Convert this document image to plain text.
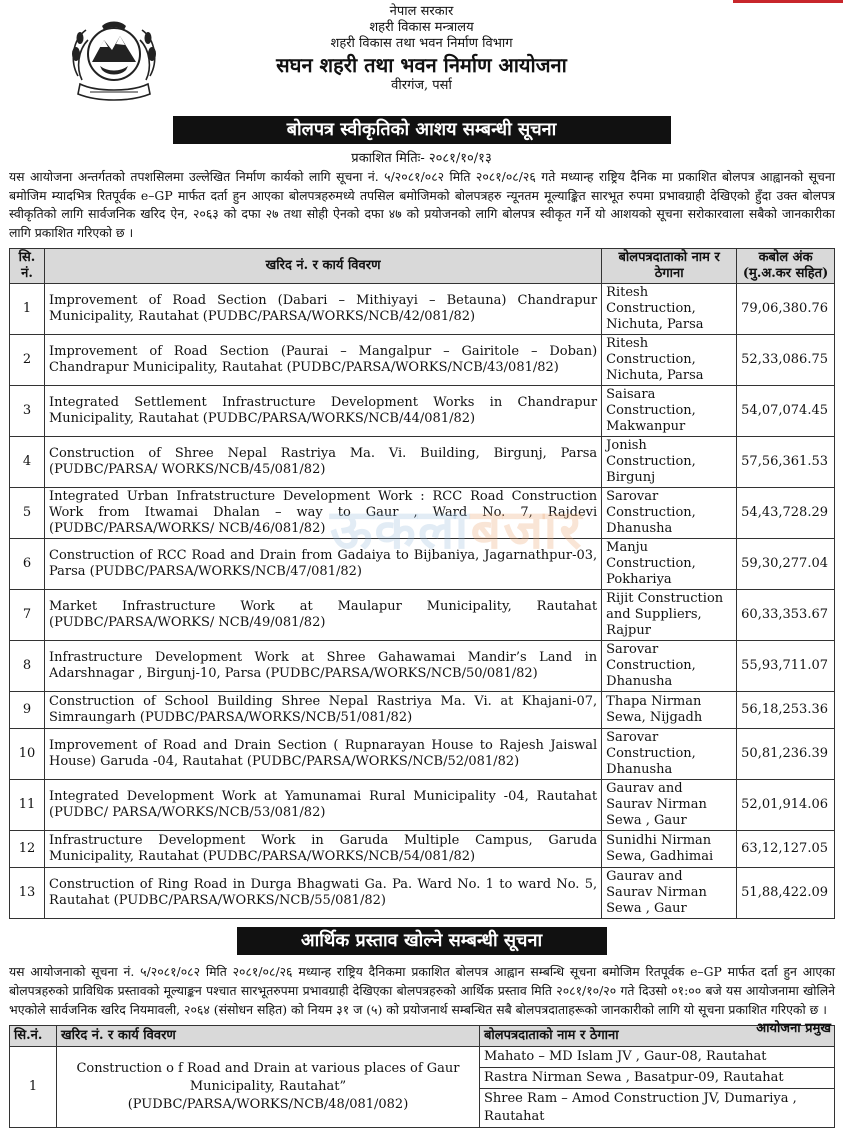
नेपाल सरकार
शहरी विकास मन्त्रालय
शहरी विकास तथा भवन निर्माण विभाग
सघन शहरी तथा भवन निर्माण आयोजना
वीरगंज, पर्सा
बोलपत्र स्वीकृतिको आशय सम्बन्धी सूचना
प्रकाशित मितिः- २०८१/१०/१३
यस आयोजना अन्तर्गतको तपशसिलमा उल्लेखित निर्माण कार्यको लागि सूचना नं. ५/२०८१/०८२ मिति २०८१/०८/२६ गते मध्यान्ह राष्ट्रिय दैनिक मा प्रकाशित बोलपत्र आह्वानको सूचना बमोजिम म्यादभित्र रितपूर्वक e–GP मार्फत दर्ता हुन आएका बोलपत्रहरुमध्ये तपसिल बमोजिमको बोलपत्रहरु न्यूनतम मूल्याङ्कित सारभूत रुपमा प्रभावग्राही देखिएको हुँदा उक्त बोलपत्र स्वीकृतिको लागि सार्वजनिक खरिद ऐन, २०६३ को दफा २७ तथा सोही ऐनको दफा ४७ को प्रयोजनको लागि बोलपत्र स्वीकृत गर्ने यो आशयको सूचना सरोकारवाला सबैको जानकारीका लागि प्रकाशित गरिएको छ ।
सि. नं.	खरिद नं. र कार्य विवरण	बोलपत्रदाताको नाम र ठेगाना	कबोल अंक (मु.अ.कर सहित)
1	Improvement of Road Section (Dabari – Mithiyayi – Betauna) Chandrapur Municipality, Rautahat (PUDBC/PARSA/WORKS/NCB/42/081/82)	Ritesh Construction, Nichuta, Parsa	79,06,380.76
2	Improvement of Road Section (Paurai – Mangalpur – Gairitole – Doban) Chandrapur Municipality, Rautahat (PUDBC/PARSA/WORKS/NCB/43/081/82)	Ritesh Construction, Nichuta, Parsa	52,33,086.75
3	Integrated Settlement Infrastructure Development Works in Chandrapur Municipality, Rautahat (PUDBC/PARSA/WORKS/NCB/44/081/82)	Saisara Construction, Makwanpur	54,07,074.45
4	Construction of Shree Nepal Rastriya Ma. Vi. Building, Birgunj, Parsa (PUDBC/PARSA/ WORKS/NCB/45/081/82)	Jonish Construction, Birgunj	57,56,361.53
5	Integrated Urban Infratstructure Development Work : RCC Road Construction Work from Itwamai Dhalan – way to Gaur , Ward No. 7, Rajdevi (PUDBC/PARSA/WORKS/ NCB/46/081/82)	Sarovar Construction, Dhanusha	54,43,728.29
6	Construction of RCC Road and Drain from Gadaiya to Bijbaniya, Jagarnathpur-03, Parsa (PUDBC/PARSA/WORKS/NCB/47/081/82)	Manju Construction, Pokhariya	59,30,277.04
7	Market Infrastructure Work at Maulapur Municipality, Rautahat (PUDBC/PARSA/WORKS/ NCB/49/081/82)	Rijit Construction and Suppliers, Rajpur	60,33,353.67
8	Infrastructure Development Work at Shree Gahawamai Mandir’s Land in Adarshnagar , Birgunj-10, Parsa (PUDBC/PARSA/WORKS/NCB/50/081/82)	Sarovar Construction, Dhanusha	55,93,711.07
9	Construction of School Building Shree Nepal Rastriya Ma. Vi. at Khajani-07, Simraungarh (PUDBC/PARSA/WORKS/NCB/51/081/82)	Thapa Nirman Sewa, Nijgadh	56,18,253.36
10	Improvement of Road and Drain Section ( Rupnarayan House to Rajesh Jaiswal House) Garuda -04, Rautahat (PUDBC/PARSA/WORKS/NCB/52/081/82)	Sarovar Construction, Dhanusha	50,81,236.39
11	Integrated Development Work at Yamunamai Rural Municipality -04, Rautahat (PUDBC/ PARSA/WORKS/NCB/53/081/82)	Gaurav and Saurav Nirman Sewa , Gaur	52,01,914.06
12	Infrastructure Development Work in Garuda Multiple Campus, Garuda Municipality, Rautahat (PUDBC/PARSA/WORKS/NCB/54/081/82)	Sunidhi Nirman Sewa, Gadhimai	63,12,127.05
13	Construction of Ring Road in Durga Bhagwati Ga. Pa. Ward No. 1 to ward No. 5, Rautahat (PUDBC/PARSA/WORKS/NCB/55/081/82)	Gaurav and Saurav Nirman Sewa , Gaur	51,88,422.09
आर्थिक प्रस्ताव खोल्ने सम्बन्धी सूचना
यस आयोजनाको सूचना नं. ५/२०८१/०८२ मिति २०८१/०८/२६ मध्यान्ह राष्ट्रिय दैनिकमा प्रकाशित बोलपत्र आह्वान सम्बन्धि सूचना बमोजिम रितपूर्वक e–GP मार्फत दर्ता हुन आएका बोलपत्रहरुको प्राविधिक प्रस्तावको मूल्याङ्कन पश्चात सारभूतरुपमा प्रभावग्राही देखिएका बोलपत्रहरुको आर्थिक प्रस्ताव मिति २०८१/१०/२० गते दिउसो ०१:०० बजे यस आयोजनामा खोलिने भएकोले सार्वजनिक खरिद नियमावली, २०६४ (संसोधन सहित) को नियम ३१ ज (५) को प्रयोजनार्थ सम्बन्धित सबै बोलपत्रदाताहरूको जानकारीको लागि यो सूचना प्रकाशित गरिएको छ ।
सि.नं.	खरिद नं. र कार्य विवरण	बोलपत्रदाताको नाम र ठेगाना
1	Construction o f Road and Drain at various places of Gaur Municipality, Rautahat” (PUDBC/PARSA/WORKS/NCB/48/081/082)	Mahato – MD Islam JV , Gaur-08, Rautahat
		Rastra Nirman Sewa , Basatpur-09, Rautahat
		Shree Ram – Amod Construction JV, Dumariya , Rautahat
आयोजना प्रमुख
ऊकलाबजार
